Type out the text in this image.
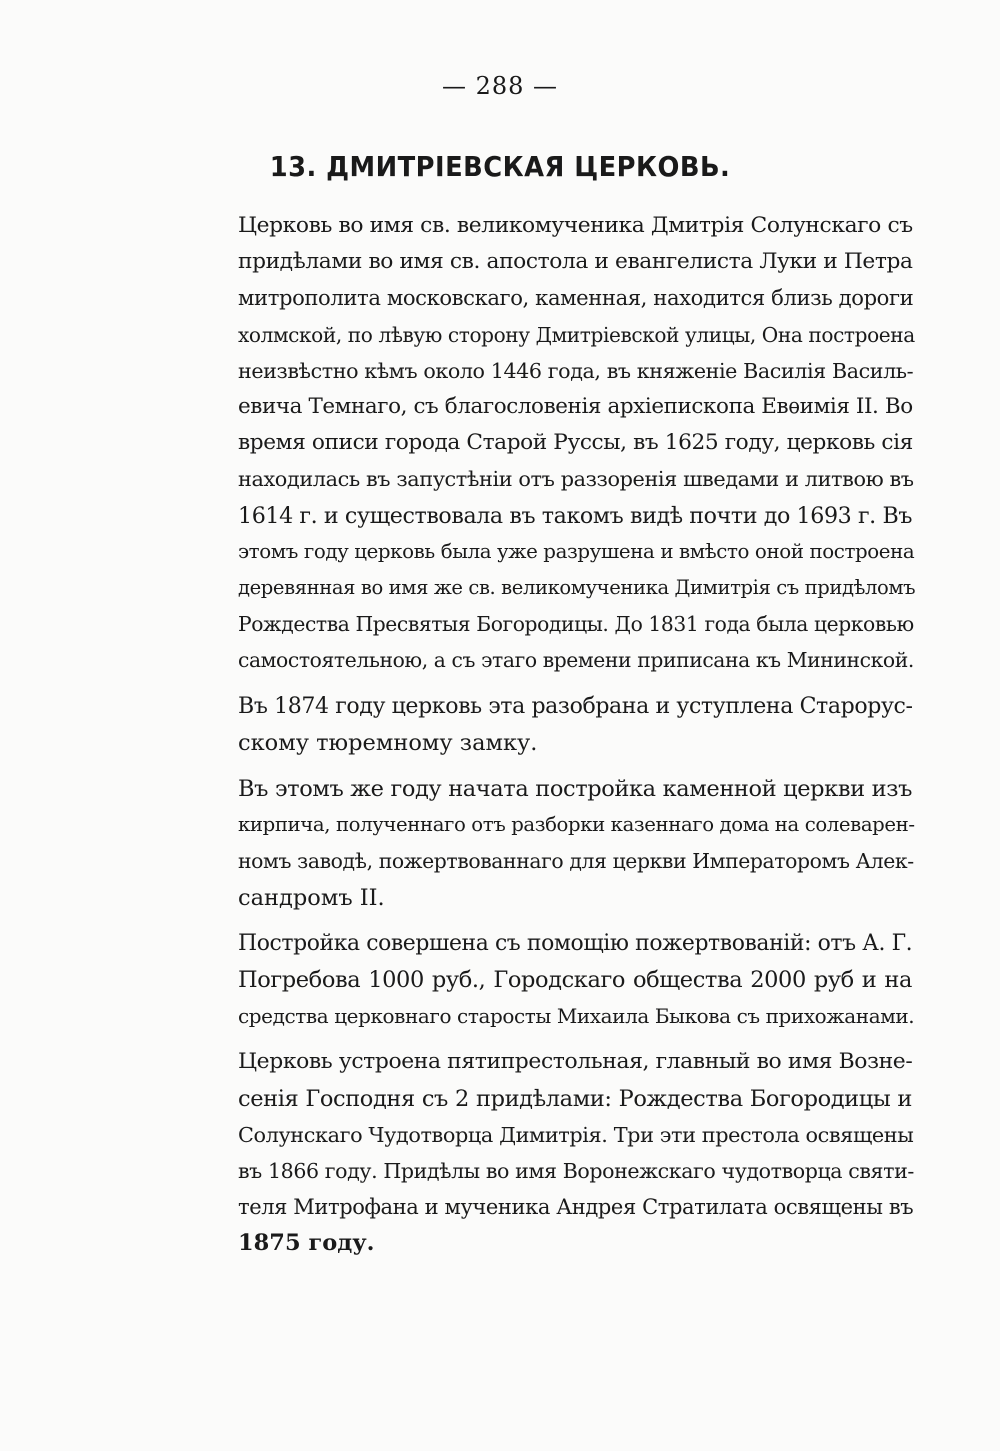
— 288 —
13. ДМИТРІЕВСКАЯ ЦЕРКОВЬ.

Церковь во имя св. великомученика Дмитрія Солунскаго съ
придѣлами во имя св. апостола и евангелиста Луки и Петра
митрополита московскаго, каменная, находится близь дороги
холмской, по лѣвую сторону Дмитріевской улицы, Она построена
неизвѣстно кѣмъ около 1446 года, въ княженіе Василія Василь-
евича Темнаго, съ благословенія архіепископа Евѳимія II. Во
время описи города Старой Руссы, въ 1625 году, церковь сія
находилась въ запустѣніи отъ раззоренія шведами и литвою въ
1614 г. и существовала въ такомъ видѣ почти до 1693 г. Въ
этомъ году церковь была уже разрушена и вмѣсто оной построена
деревянная во имя же св. великомученика Димитрія съ придѣломъ
Рождества Пресвятыя Богородицы. До 1831 года была церковью
самостоятельною, а съ этаго времени приписана къ Мининской.

Въ 1874 году церковь эта разобрана и уступлена Старорус-
скому тюремному замку.

Въ этомъ же году начата постройка каменной церкви изъ
кирпича, полученнаго отъ разборки казеннаго дома на солеварен-
номъ заводѣ, пожертвованнаго для церкви Императоромъ Алек-
сандромъ II.

Постройка совершена съ помощію пожертвованій: отъ А. Г.
Погребова 1000 руб., Городскаго общества 2000 руб и на
средства церковнаго старосты Михаила Быкова съ прихожанами.

Церковь устроена пятипрестольная, главный во имя Возне-
сенія Господня съ 2 придѣлами: Рождества Богородицы и
Солунскаго Чудотворца Димитрія. Три эти престола освящены
въ 1866 году. Придѣлы во имя Воронежскаго чудотворца святи-
теля Митрофана и мученика Андрея Стратилата освящены въ
1875 году.
